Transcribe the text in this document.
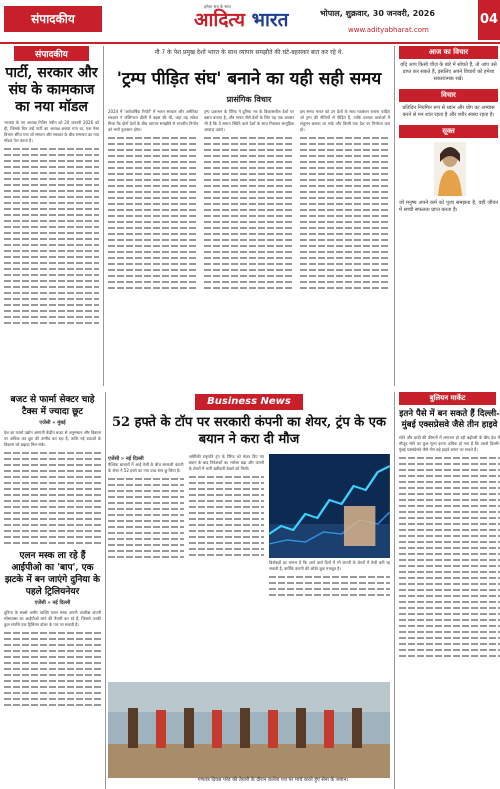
संपादकीय
हमेशा सच के साथ
आदित्य भारत	भोपाल, शुक्रवार, 30 जनवरी, 2026
www.adityabharat.com
04
संपादकीय
पार्टी, सरकार और संघ के कामकाज का नया मॉडल

भाजपा के नए अध्यक्ष नितिन नवीन को 20 जनवरी 2026 को ही, जिसके दिन उन्हें पार्टी का अध्यक्ष बनाया गया था, एक ऐसा विभाग सौंपा गया जो संगठन और सरकार के बीच समन्वय का नया मॉडल पेश करता है।

नौ 7 के पेश प्रमुख देशों भारत के साथ व्यापार समझौते की घंटे-बहसकर बात कर रहे थे.
'ट्रम्प पीड़ित संघ' बनाने का यही सही समय
प्रासंगिक विचार

2024 में 'अर्धवार्षिक रिपोर्ट' में भारत सरकार और अमेरिका सरकार ने वॉशिंगटन डीसी में बहस की थी, जहां यह संकेत मिला कि दोनों देशों के बीच व्यापार समझौते से भारतीय निर्यात को भारी नुकसान होगा।

ट्रम्प प्रशासन के टैरिफ ने दुनिया भर के विकासशील देशों पर दबाव बनाया है, और भारत जैसे देशों के लिए यह एक अवसर भी है कि वे समान स्थिति वाले देशों के साथ मिलकर सामूहिक आवाज़ उठाएं।

इस समय भारत को उन देशों के साथ गठबंधन बनाना चाहिए जो ट्रम्प की नीतियों से पीड़ित हैं, ताकि व्यापार वार्ताओं में संतुलन बनाया जा सके और किसी एक देश पर निर्भरता कम हो।

आज का विचार

यदि आप किसी चीज़ के बारे में सोचते हैं, तो आप उसे प्राप्त कर सकते हैं, इसलिए अपने विचारों को हमेशा सकारात्मक रखें।

विचार

प्रतिदिन नियमित रूप से ध्यान और योग का अभ्यास करने से मन शांत रहता है और शरीर स्वस्थ रहता है।

सूक्त

जो मनुष्य अपने कर्म को पूजा समझता है, वही जीवन में सच्ची सफलता प्राप्त करता है।

बजट से फार्मा सेक्टर चाहे टैक्स में ज्यादा छूट
एजेंसी » मुंबई

देश का फार्मा उद्योग आगामी केंद्रीय बजट से अनुसंधान और विकास पर अधिक कर छूट की उम्मीद कर रहा है, ताकि नई दवाओं के विकास को बढ़ावा मिल सके।

एलन मस्क ला रहे हैं आईपीओ का 'बाप', एक झटके में बन जाएंगे दुनिया के पहले ट्रिलियनेयर
एजेंसी » नई दिल्ली

दुनिया के सबसे अमीर व्यक्ति एलन मस्क अपनी अंतरिक्ष कंपनी स्पेसएक्स का आईपीओ लाने की तैयारी कर रहे हैं, जिससे उनकी कुल संपत्ति एक ट्रिलियन डॉलर के पार जा सकती है।

Business News
52 हफ्ते के टॉप पर सरकारी कंपनी का शेयर, ट्रंप के एक बयान ने करा दी मौज
एजेंसी » नई दिल्ली

वैश्विक बाजारों में आई तेजी के बीच सरकारी कंपनी के शेयर ने 52 हफ्ते का नया उच्च स्तर छू लिया है।

अमेरिकी राष्ट्रपति ट्रंप के टैरिफ को लेकर दिए गए बयान के बाद निवेशकों का भरोसा बढ़ा और कंपनी के शेयरों में भारी खरीदारी देखने को मिली।

विशेषज्ञों का मानना है कि आने वाले दिनों में भी कंपनी के शेयरों में तेजी बनी रह सकती है, क्योंकि कंपनी की ऑर्डर बुक मजबूत है।

गणतंत्र दिवस परेड की तैयारी के दौरान कर्तव्य पथ पर मार्च करते हुए सेना के जवान।
बुलियन मार्केट
इतने पैसे में बन सकते हैं दिल्ली-मुंबई एक्सप्रेसवे जैसे तीन हाइवे

सोने और चांदी की कीमतों में लगातार हो रही बढ़ोतरी के बीच देश में मौजूद सोने का कुल मूल्य इतना अधिक हो गया है कि उससे दिल्ली-मुंबई एक्सप्रेसवे जैसे तीन बड़े हाइवे बनाए जा सकते हैं।
